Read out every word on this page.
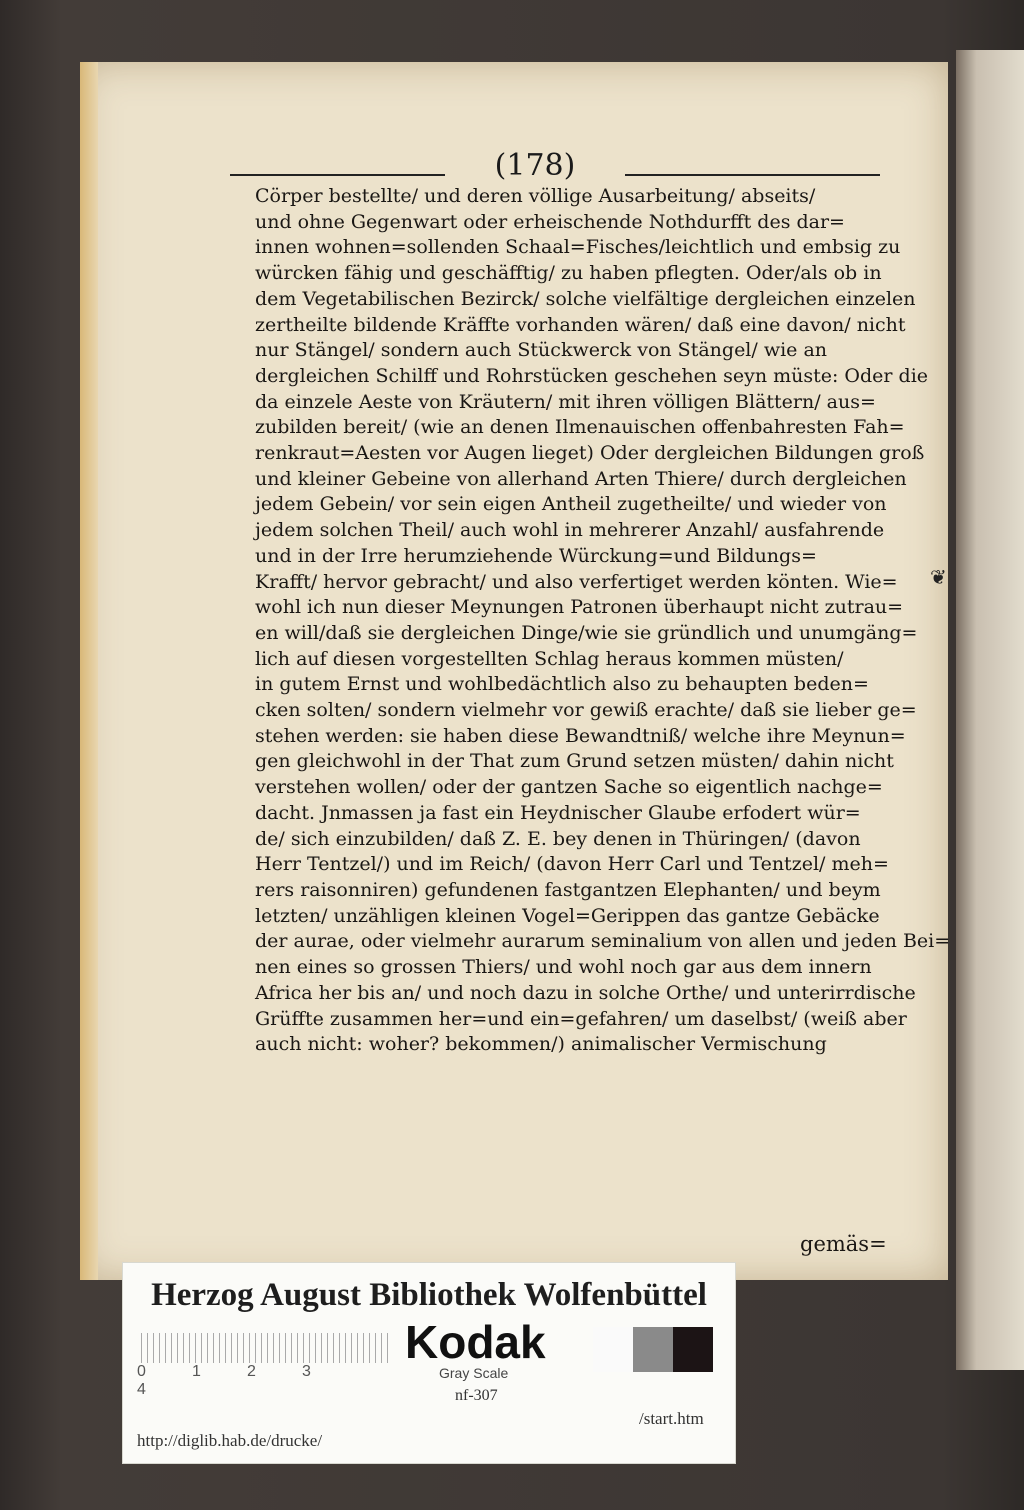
(178)
Cörper bestellte/ und deren völlige Ausarbeitung/ abseits/
und ohne Gegenwart oder erheischende Nothdurfft des dar=
innen wohnen=sollenden Schaal=Fisches/leichtlich und embsig zu
würcken fähig und geschäfftig/ zu haben pflegten. Oder/als ob in
dem Vegetabilischen Bezirck/ solche vielfältige dergleichen einzelen
zertheilte bildende Kräffte vorhanden wären/ daß eine davon/ nicht
nur Stängel/ sondern auch Stückwerck von Stängel/ wie an
dergleichen Schilff und Rohrstücken geschehen seyn müste: Oder die
da einzele Aeste von Kräutern/ mit ihren völligen Blättern/ aus=
zubilden bereit/ (wie an denen Ilmenauischen offenbahresten Fah=
renkraut=Aesten vor Augen lieget) Oder dergleichen Bildungen groß
und kleiner Gebeine von allerhand Arten Thiere/ durch dergleichen
jedem Gebein/ vor sein eigen Antheil zugetheilte/ und wieder von
jedem solchen Theil/ auch wohl in mehrerer Anzahl/ ausfahrende
und in der Irre herumziehende Würckung=und Bildungs=
Krafft/ hervor gebracht/ und also verfertiget werden könten. Wie=
wohl ich nun dieser Meynungen Patronen überhaupt nicht zutrau=
en will/daß sie dergleichen Dinge/wie sie gründlich und unumgäng=
lich auf diesen vorgestellten Schlag heraus kommen müsten/
in gutem Ernst und wohlbedächtlich also zu behaupten beden=
cken solten/ sondern vielmehr vor gewiß erachte/ daß sie lieber ge=
stehen werden: sie haben diese Bewandtniß/ welche ihre Meynun=
gen gleichwohl in der That zum Grund setzen müsten/ dahin nicht
verstehen wollen/ oder der gantzen Sache so eigentlich nachge=
dacht. Jnmassen ja fast ein Heydnischer Glaube erfodert wür=
de/ sich einzubilden/ daß Z. E. bey denen in Thüringen/ (davon
Herr Tentzel/) und im Reich/ (davon Herr Carl und Tentzel/ meh=
rers raisonniren) gefundenen fastgantzen Elephanten/ und beym
letzten/ unzähligen kleinen Vogel=Gerippen das gantze Gebäcke
der aurae, oder vielmehr aurarum seminalium von allen und jeden Bei=
nen eines so grossen Thiers/ und wohl noch gar aus dem innern
Africa her bis an/ und noch dazu in solche Orthe/ und unterirrdische
Grüffte zusammen her=und ein=gefahren/ um daselbst/ (weiß aber
auch nicht: woher? bekommen/) animalischer Vermischung
gemäs=
❦
Herzog August Bibliothek Wolfenbüttel
0	1	2	34
Kodak
Gray Scale
nf-307
http://diglib.hab.de/drucke/
/start.htm
